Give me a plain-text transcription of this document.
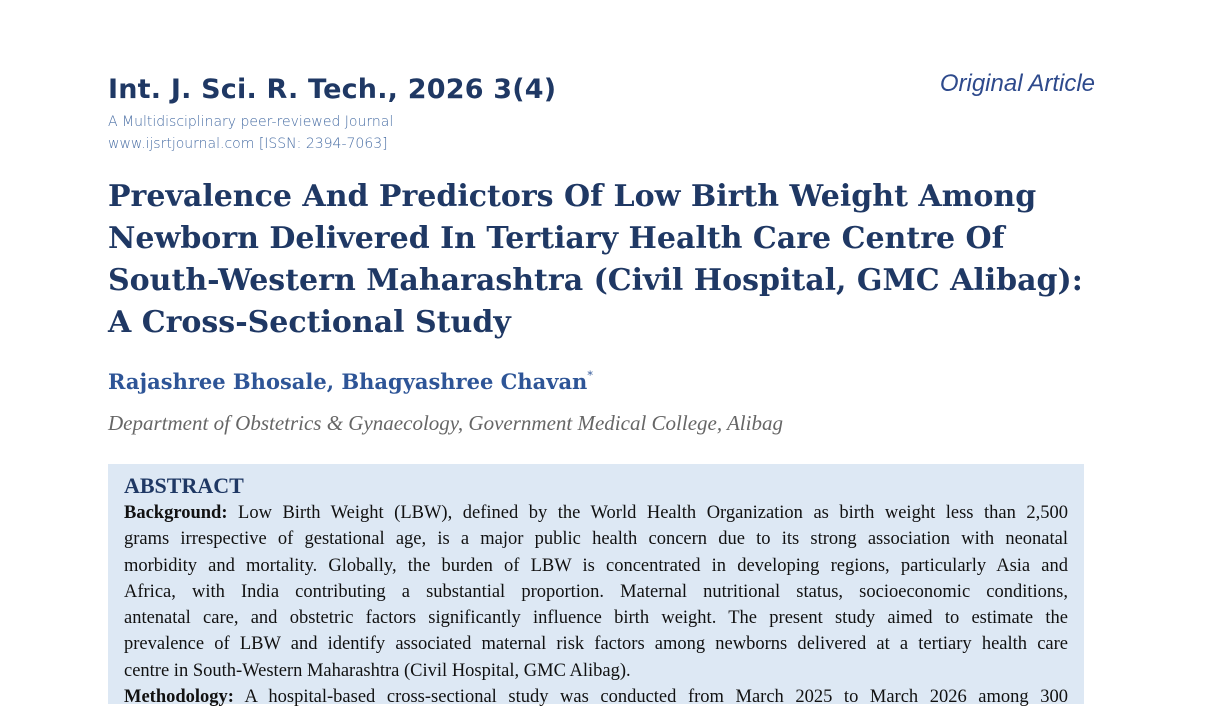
Int. J. Sci. R. Tech., 2026 3(4)	Original Article
A Multidisciplinary peer-reviewed Journal
www.ijsrtjournal.com [ISSN: 2394-7063]
Prevalence And Predictors Of Low Birth Weight Among
Newborn Delivered In Tertiary Health Care Centre Of
South-Western Maharashtra (Civil Hospital, GMC Alibag):
A Cross-Sectional Study
Rajashree Bhosale, Bhagyashree Chavan*
Department of Obstetrics & Gynaecology, Government Medical College, Alibag
ABSTRACT
Background: Low Birth Weight (LBW), defined by the World Health Organization as birth weight less than 2,500
grams irrespective of gestational age, is a major public health concern due to its strong association with neonatal
morbidity and mortality. Globally, the burden of LBW is concentrated in developing regions, particularly Asia and
Africa, with India contributing a substantial proportion. Maternal nutritional status, socioeconomic conditions,
antenatal care, and obstetric factors significantly influence birth weight. The present study aimed to estimate the
prevalence of LBW and identify associated maternal risk factors among newborns delivered at a tertiary health care
centre in South-Western Maharashtra (Civil Hospital, GMC Alibag).
Methodology: A hospital-based cross-sectional study was conducted from March 2025 to March 2026 among 300
